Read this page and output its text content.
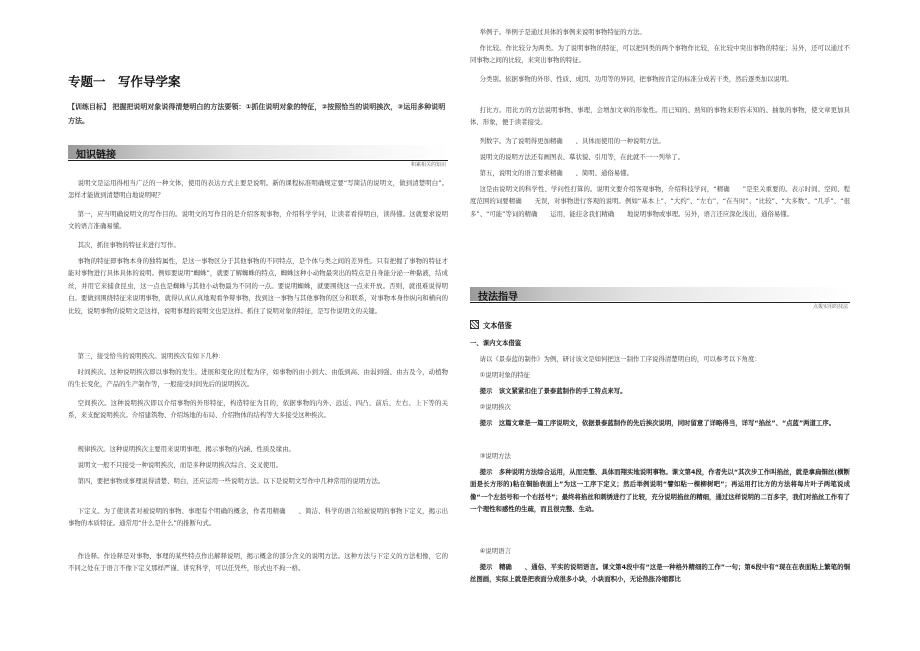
专题一　写作导学案
【训练目标】 把握把说明对象说得清楚明白的方法要领：①抓住说明对象的特征，②按照恰当的说明挨次，③运用多种说明方法。
知识链接
积累相关的知识

说明文是运用得相当广泛的一种文体，使用的表达方式主要是说明。新的课程标准明确规定要“写简洁的说明文，做到清楚明白”。怎样才能做到清楚明白地说明呢？

第一，应当明确说明文的写作目的。说明文的写作目的是介绍客观事物，介绍科学学问，让读者看得明白，读得懂。这就要求说明文的语言准确易懂。

其次，抓住事物的特征来进行写作。

事物的特征即事物本身的独特属性，是这一事物区分于其他事物的不同特点，是个体与类之间的差异性。只有把握了事物的特征才能对事物进行具体具体的说明。例如要说明“蜘蛛”，就要了解蜘蛛的特点，蜘蛛这种小动物最突出的特点是自身能分泌一种黏液，结成丝，并用它来捕食昆虫，这一点也是蜘蛛与其他小动物最为不同的一点。要说明蜘蛛，就要围绕这一点来开放。否则，就很难说得明白。要做到围绕特征来说明事物，就得认真认真地观看争辩事物，找到这一事物与其他事物的区分和联系，对事物本身作纵向和横向的比较，说明事物的说明文是这样，说明事理的说明文也是这样。抓住了说明对象的特征，是写作说明文的关键。

第三，接受恰当的说明挨次。说明挨次有如下几种：

时间挨次。这种说明挨次即以事物的发生、进展和变化的过程为序，如事物的由小到大、由低到高、由弱到强、由古及今，动植物的生长变化，产品的生产制作等，一般接受时间先后的说明挨次。

空间挨次。这种说明挨次即以介绍事物的外形特征，构造特征为目的，依据事物的内外、远近、四凸、前后、左右、上下等的关系，来支配说明挨次。介绍建筑物、介绍场地的布局、介绍物体的结构等大多接受这种挨次。

规律挨次。这种说明挨次主要用来说明事理，揭示事物的内涵、性质及缘由。

说明文一般不只接受一种说明挨次，而是多种说明挨次综合、交叉使用。

第四，要把事物或事理说得清楚、明白，还应运用一些说明方法。以下是说明文写作中几种常用的说明方法。

下定义。为了使读者对被说明的事物、事理有个明确的概念，作者用精确　　、简洁、科学的语言给被说明的事物下定义，揭示出事物的本质特征。通常用“什么是什么”的推断句式。

作诠释。作诠释是对事物、事理的某些特点作出解释说明，揭示概念的部分含义的说明方法。这种方法与下定义的方法相像，它的不同之处在于语言不像下定义那样严谨、讲究科学，可以任凭些，形式也不拘一格。

举例子。举例子是通过具体的事例来说明事物特征的方法。

作比较。作比较分为两类。为了说明事物的特征，可以把同类的两个事物作比较，在比较中突出事物的特征；另外，还可以通过不同事物之间的比较，来突出事物的特征。

分类别。依据事物的外形、性质、成因、功用等的异同，把事物按肯定的标准分成若干类，然后逐类加以说明。

打比方。用比方的方法说明事物、事理，会增加文章的形象性。用已知的、熟知的事物来形容未知的、抽象的事物，使文章更加具体、形象，便于读者接受。

列数字。为了说明得更加精确　　、具体而使用的一种说明方法。

说明文的说明方法还有画图表、摹状貌、引用等，在此就不一一列举了。

第五，说明文的语言要求精确　　、简明、通俗易懂。

这是由说明文的科学性、学问性打算的。说明文要介绍客观事物，介绍科技学问，“精确　　”是至关重要的。表示时间、空间、程度范围的词要精确　　无误，对事物进行客观的说明。例如“基本上”、“大约”、“左右”、“在当时”、“比较”、“大多数”、“几乎”、“很多”、“可能”等词的精确　　运用，能挂念我们精确　　地说明事物或事理。另外，语言还应深化浅出，通俗易懂。

技法指导
点拨实用的技法
文本借鉴

一、课内文本借鉴

请以《景泰蓝的制作》为例，研讨该文是如何把这一制作工序说得清楚明白的，可以参考以下角度：

①说明对象的特征

提示　该文紧紧扣住了景泰蓝制作的手工特点来写。

②说明挨次

提示　这篇文章是一篇工序说明文，依据景泰蓝制作的先后挨次说明，同时留意了详略得当，详写“掐丝”、“点蓝”两道工序。

③说明方法

提示　多种说明方法综合运用，从而完整、具体而翔实地说明事物。课文第4段，作者先以“其次步工作叫掐丝，就是拿扁铜丝(横断面是长方形的)粘在铜胎表面上”为这一工序下定义；然后举例说明“譬如粘一棵柳树吧”；再运用打比方的方法将每片叶子两笔说成像“一个左括号和一个右括号”；最终将掐丝和刺绣进行了比较，充分说明掐丝的精细，通过这样说明的二百多字，我们对掐丝工作有了一个理性和感性的生疏，而且很完整、生动。

④说明语言

提示　精确　　、通俗、平实的说明语言。课文第4段中有“这是一种格外精细的工作”一句；第6段中有“现在在表面粘上繁笔的铜丝图画，实际上就是把表面分成很多小块，小块面积小，无论热胀冷缩都比
